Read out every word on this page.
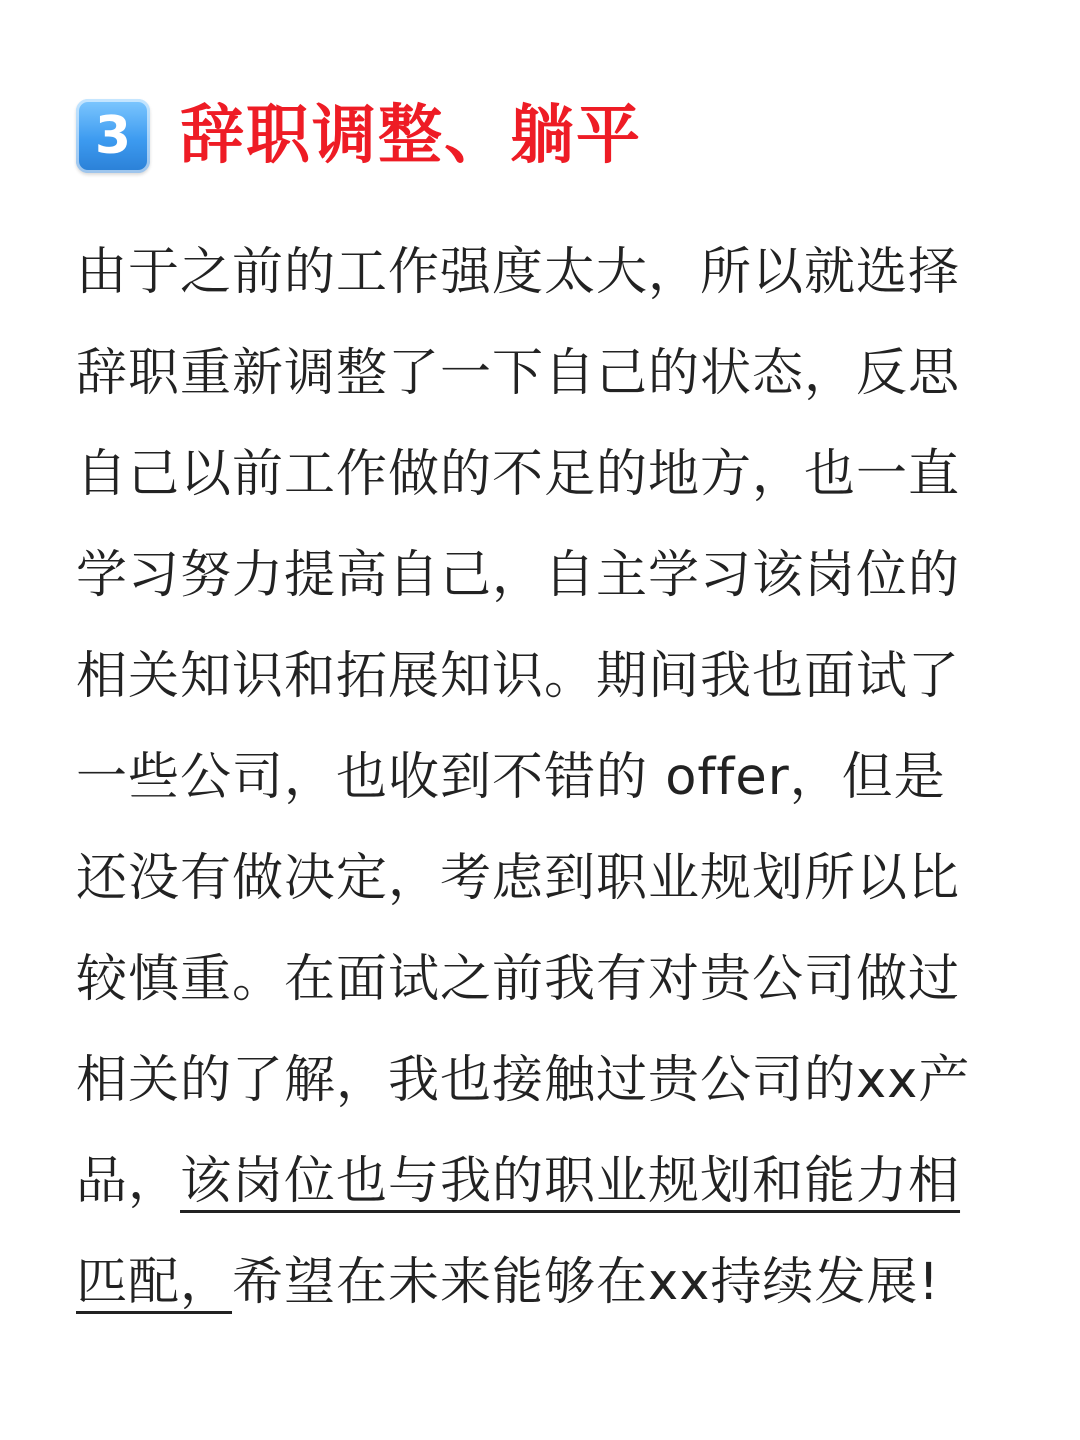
3 辞职调整、躺平
由于之前的工作强度太大，所以就选择
辞职重新调整了一下自己的状态，反思
自己以前工作做的不足的地方，也一直
学习努力提高自己，自主学习该岗位的
相关知识和拓展知识。期间我也面试了
一些公司，也收到不错的 offer，但是
还没有做决定，考虑到职业规划所以比
较慎重。在面试之前我有对贵公司做过
相关的了解，我也接触过贵公司的xx产
品，该岗位也与我的职业规划和能力相
匹配，希望在未来能够在xx持续发展!
